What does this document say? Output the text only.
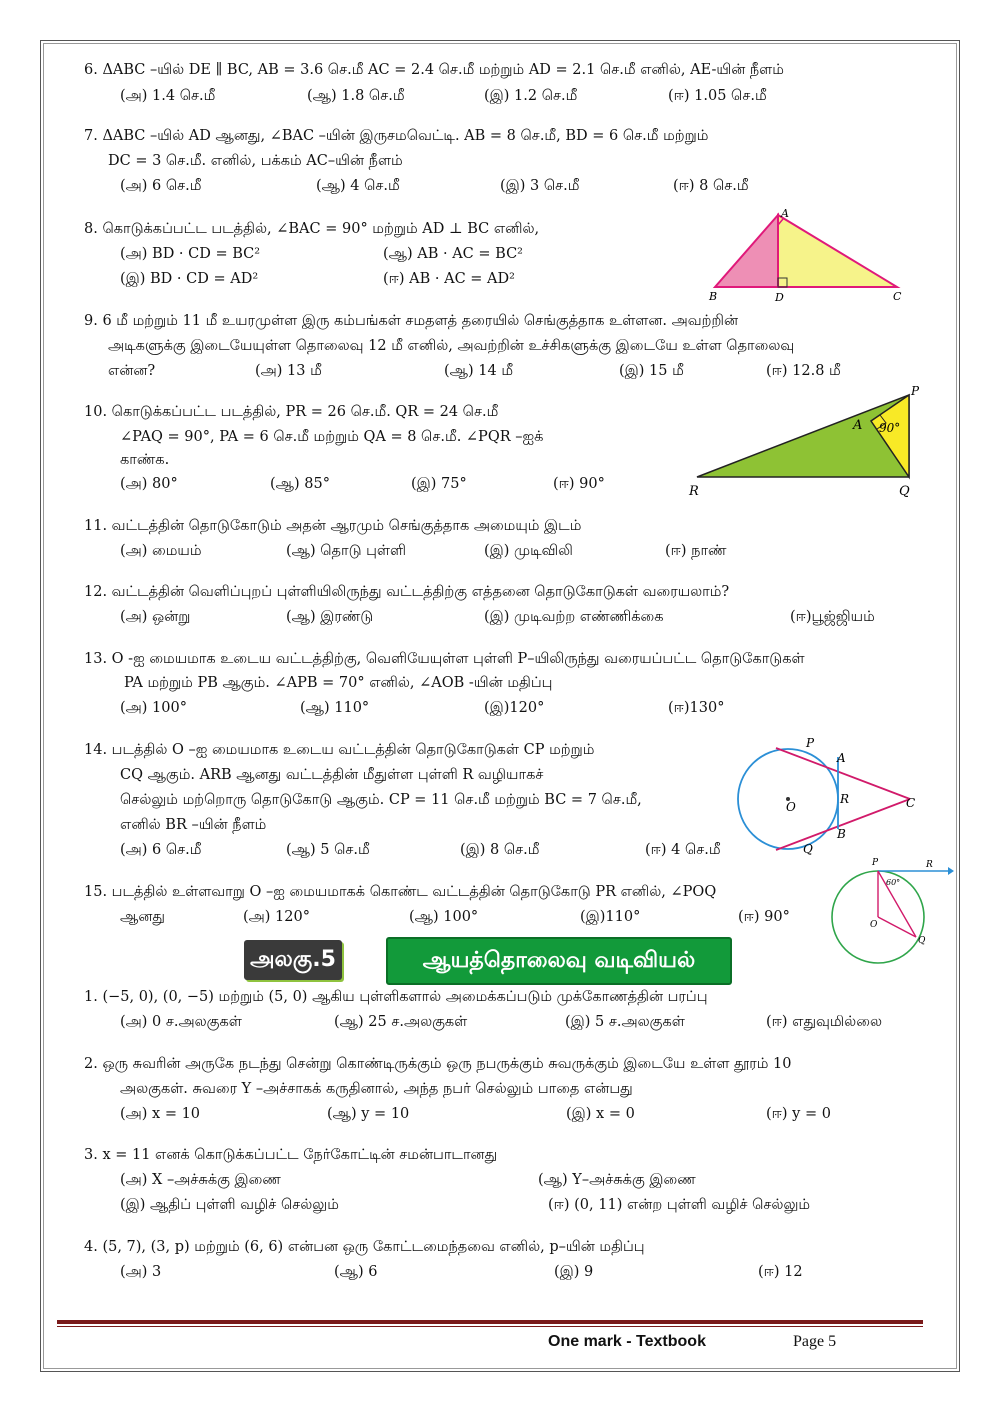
6. ΔABC –யில் DE ∥ BC, AB = 3.6 செ.மீ AC = 2.4 செ.மீ மற்றும் AD = 2.1 செ.மீ எனில், AE-யின் நீளம்
(அ) 1.4 செ.மீ	(ஆ) 1.8 செ.மீ	(இ) 1.2 செ.மீ	(ஈ) 1.05 செ.மீ
7. ΔABC –யில் AD ஆனது, ∠BAC –யின் இருசமவெட்டி. AB = 8 செ.மீ, BD = 6 செ.மீ மற்றும்
DC = 3 செ.மீ. எனில், பக்கம் AC–யின் நீளம்
(அ) 6 செ.மீ	(ஆ) 4 செ.மீ	(இ) 3 செ.மீ	(ஈ) 8 செ.மீ
8. கொடுக்கப்பட்ட படத்தில், ∠BAC = 90° மற்றும் AD ⊥ BC எனில்,
(அ) BD · CD = BC²	(ஆ) AB · AC = BC²
(இ) BD · CD = AD²	(ஈ) AB · AC = AD²
A
B	D	C
9. 6 மீ மற்றும் 11 மீ உயரமுள்ள இரு கம்பங்கள் சமதளத் தரையில் செங்குத்தாக உள்ளன. அவற்றின்
அடிகளுக்கு இடையேயுள்ள தொலைவு 12 மீ எனில், அவற்றின் உச்சிகளுக்கு இடையே உள்ள தொலைவு
என்ன?	(அ) 13 மீ	(ஆ) 14 மீ	(இ) 15 மீ	(ஈ) 12.8 மீ
10. கொடுக்கப்பட்ட படத்தில், PR = 26 செ.மீ. QR = 24 செ.மீ
∠PAQ = 90°, PA = 6 செ.மீ மற்றும் QA = 8 செ.மீ. ∠PQR –ஐக்
காண்க.
(அ) 80°	(ஆ) 85°	(இ) 75°	(ஈ) 90°
P
A 90°
R	Q
11. வட்டத்தின் தொடுகோடும் அதன் ஆரமும் செங்குத்தாக அமையும் இடம்
(அ) மையம்	(ஆ) தொடு புள்ளி	(இ) முடிவிலி	(ஈ) நாண்
12. வட்டத்தின் வெளிப்புறப் புள்ளியிலிருந்து வட்டத்திற்கு எத்தனை தொடுகோடுகள் வரையலாம்?
(அ) ஒன்று	(ஆ) இரண்டு	(இ) முடிவற்ற எண்ணிக்கை	(ஈ)பூஜ்ஜியம்
13. O -ஐ மையமாக உடைய வட்டத்திற்கு, வெளியேயுள்ள புள்ளி P–யிலிருந்து வரையப்பட்ட தொடுகோடுகள்
PA மற்றும் PB ஆகும். ∠APB = 70° எனில், ∠AOB -யின் மதிப்பு
(அ) 100°	(ஆ) 110°	(இ)120°	(ஈ)130°
14. படத்தில் O –ஐ மையமாக உடைய வட்டத்தின் தொடுகோடுகள் CP மற்றும்
CQ ஆகும். ARB ஆனது வட்டத்தின் மீதுள்ள புள்ளி R வழியாகச்
செல்லும் மற்றொரு தொடுகோடு ஆகும். CP = 11 செ.மீ மற்றும் BC = 7 செ.மீ,
எனில் BR –யின் நீளம்
(அ) 6 செ.மீ	(ஆ) 5 செ.மீ	(இ) 8 செ.மீ	(ஈ) 4 செ.மீ
P
A
O
R	C
B
Q
15. படத்தில் உள்ளவாறு O –ஐ மையமாகக் கொண்ட வட்டத்தின் தொடுகோடு PR எனில், ∠POQ
ஆனது	(அ) 120°	(ஆ) 100°	(இ)110°	(ஈ) 90°
P	R
60°
O
Q
அலகு.5	ஆயத்தொலைவு வடிவியல்
1. (−5, 0), (0, −5) மற்றும் (5, 0) ஆகிய புள்ளிகளால் அமைக்கப்படும் முக்கோணத்தின் பரப்பு
(அ) 0 ச.அலகுகள்	(ஆ) 25 ச.அலகுகள்	(இ) 5 ச.அலகுகள்	(ஈ) எதுவுமில்லை
2. ஒரு சுவரின் அருகே நடந்து சென்று கொண்டிருக்கும் ஒரு நபருக்கும் சுவருக்கும் இடையே உள்ள தூரம் 10
அலகுகள். சுவரை Y –அச்சாகக் கருதினால், அந்த நபர் செல்லும் பாதை என்பது
(அ) x = 10	(ஆ) y = 10	(இ) x = 0	(ஈ) y = 0
3. x = 11 எனக் கொடுக்கப்பட்ட நேர்கோட்டின் சமன்பாடானது
(அ) X –அச்சுக்கு இணை	(ஆ) Y–அச்சுக்கு இணை
(இ) ஆதிப் புள்ளி வழிச் செல்லும்	(ஈ) (0, 11) என்ற புள்ளி வழிச் செல்லும்
4. (5, 7), (3, p) மற்றும் (6, 6) என்பன ஒரு கோட்டமைந்தவை எனில், p–யின் மதிப்பு
(அ) 3	(ஆ) 6	(இ) 9	(ஈ) 12
One mark - Textbook	Page 5
